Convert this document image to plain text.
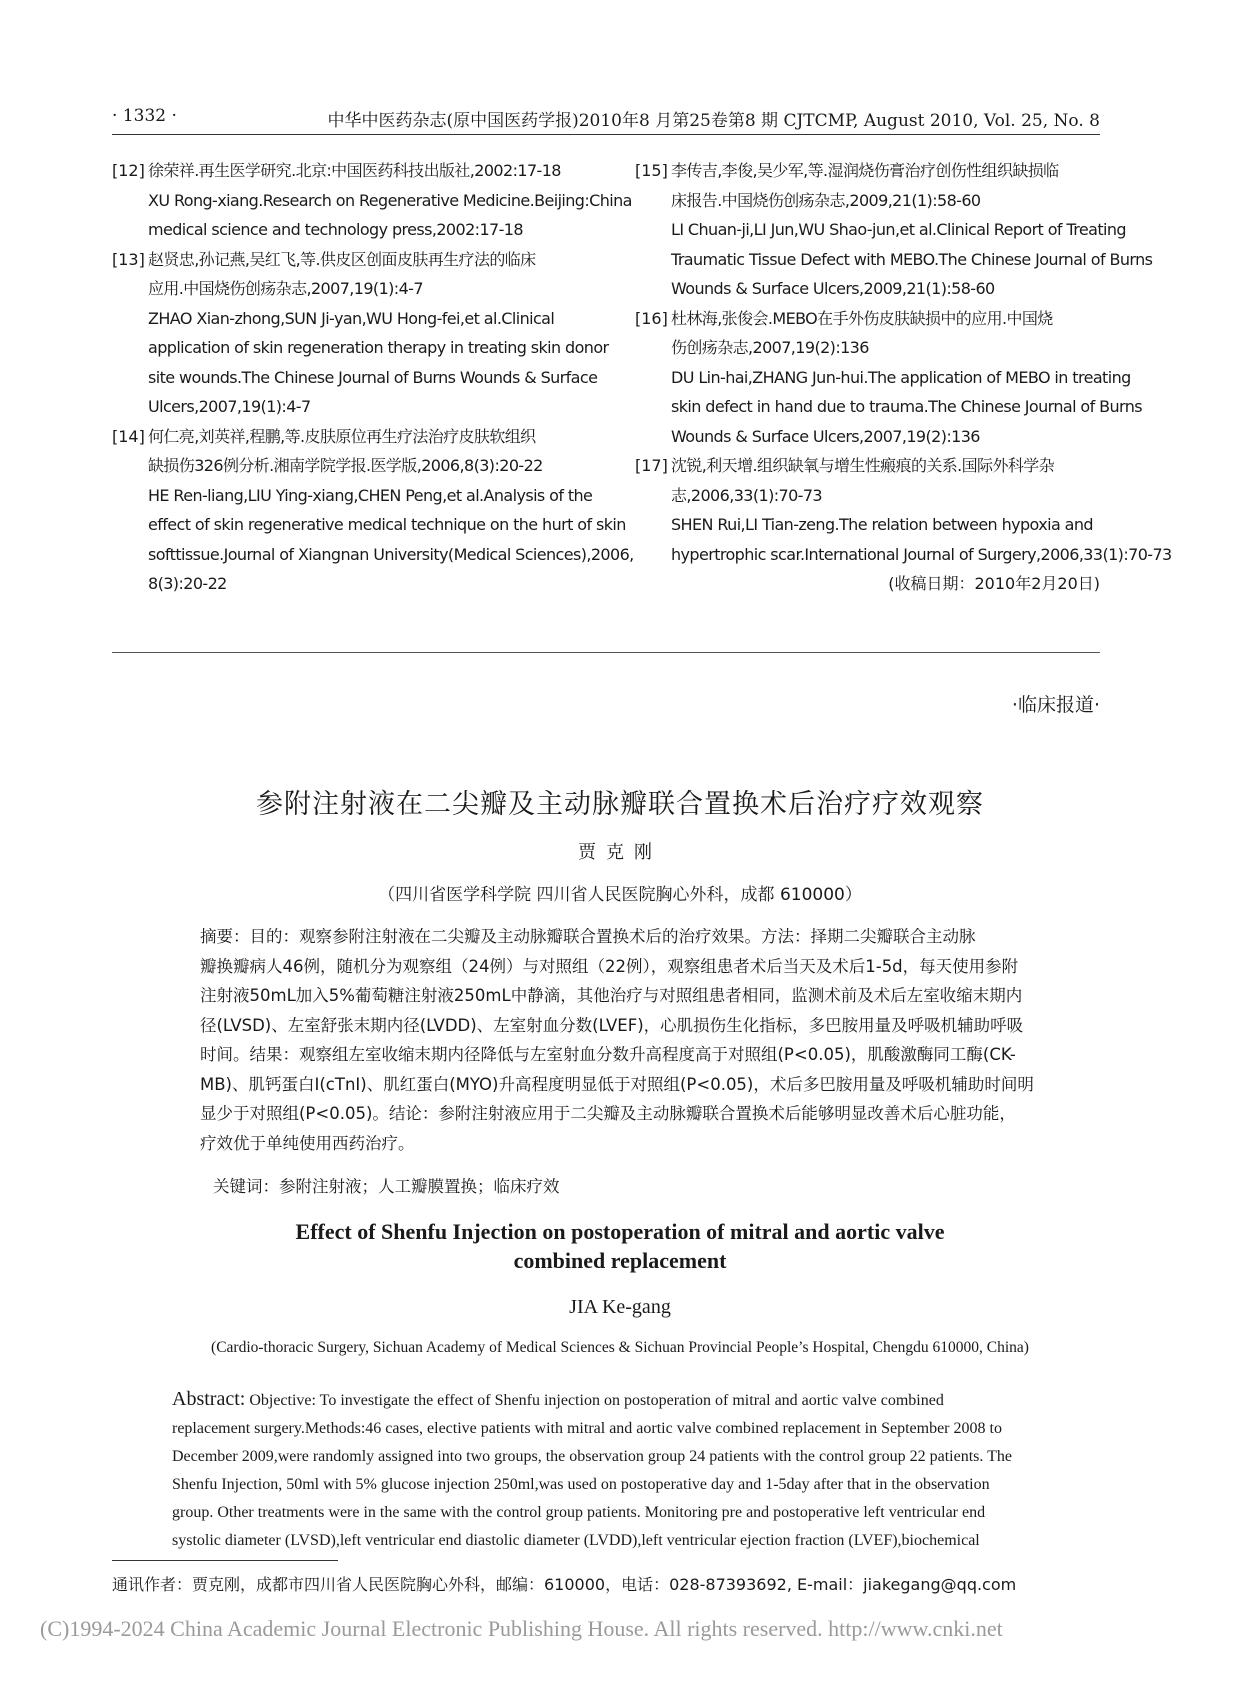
· 1332 ·	中华中医药杂志(原中国医药学报)2010年8 月第25卷第8 期 CJTCMP, August 2010, Vol. 25, No. 8
[12] 徐荣祥.再生医学研究.北京:中国医药科技出版社,2002:17-18
XU Rong-xiang.Research on Regenerative Medicine.Beijing:China
medical science and technology press,2002:17-18
[13] 赵贤忠,孙记燕,吴红飞,等.供皮区创面皮肤再生疗法的临床
应用.中国烧伤创疡杂志,2007,19(1):4-7
ZHAO Xian-zhong,SUN Ji-yan,WU Hong-fei,et al.Clinical
application of skin regeneration therapy in treating skin donor
site wounds.The Chinese Journal of Burns Wounds & Surface
Ulcers,2007,19(1):4-7
[14] 何仁亮,刘英祥,程鹏,等.皮肤原位再生疗法治疗皮肤软组织
缺损伤326例分析.湘南学院学报.医学版,2006,8(3):20-22
HE Ren-liang,LIU Ying-xiang,CHEN Peng,et al.Analysis of the
effect of skin regenerative medical technique on the hurt of skin
softtissue.Journal of Xiangnan University(Medical Sciences),2006,
8(3):20-22
[15] 李传吉,李俊,吴少军,等.湿润烧伤膏治疗创伤性组织缺损临
床报告.中国烧伤创疡杂志,2009,21(1):58-60
LI Chuan-ji,LI Jun,WU Shao-jun,et al.Clinical Report of Treating
Traumatic Tissue Defect with MEBO.The Chinese Journal of Burns
Wounds & Surface Ulcers,2009,21(1):58-60
[16] 杜林海,张俊会.MEBO在手外伤皮肤缺损中的应用.中国烧
伤创疡杂志,2007,19(2):136
DU Lin-hai,ZHANG Jun-hui.The application of MEBO in treating
skin defect in hand due to trauma.The Chinese Journal of Burns
Wounds & Surface Ulcers,2007,19(2):136
[17] 沈锐,利天增.组织缺氧与增生性瘢痕的关系.国际外科学杂
志,2006,33(1):70-73
SHEN Rui,LI Tian-zeng.The relation between hypoxia and
hypertrophic scar.International Journal of Surgery,2006,33(1):70-73
(收稿日期：2010年2月20日)
·临床报道·
参附注射液在二尖瓣及主动脉瓣联合置换术后治疗疗效观察
贾克刚
（四川省医学科学院 四川省人民医院胸心外科，成都 610000）
摘要：目的：观察参附注射液在二尖瓣及主动脉瓣联合置换术后的治疗效果。方法：择期二尖瓣联合主动脉
瓣换瓣病人46例，随机分为观察组（24例）与对照组（22例），观察组患者术后当天及术后1-5d，每天使用参附
注射液50mL加入5%葡萄糖注射液250mL中静滴，其他治疗与对照组患者相同，监测术前及术后左室收缩末期内
径(LVSD)、左室舒张末期内径(LVDD)、左室射血分数(LVEF)，心肌损伤生化指标，多巴胺用量及呼吸机辅助呼吸
时间。结果：观察组左室收缩末期内径降低与左室射血分数升高程度高于对照组(P<0.05)，肌酸激酶同工酶(CK-
MB)、肌钙蛋白I(cTnI)、肌红蛋白(MYO)升高程度明显低于对照组(P<0.05)，术后多巴胺用量及呼吸机辅助时间明
显少于对照组(P<0.05)。结论：参附注射液应用于二尖瓣及主动脉瓣联合置换术后能够明显改善术后心脏功能，
疗效优于单纯使用西药治疗。
关键词：参附注射液；人工瓣膜置换；临床疗效
Effect of Shenfu Injection on postoperation of mitral and aortic valve
combined replacement
JIA Ke-gang
(Cardio-thoracic Surgery, Sichuan Academy of Medical Sciences & Sichuan Provincial People’s Hospital, Chengdu 610000, China)
Abstract: Objective: To investigate the effect of Shenfu injection on postoperation of mitral and aortic valve combined
replacement surgery.Methods:46 cases, elective patients with mitral and aortic valve combined replacement in September 2008 to
December 2009,were randomly assigned into two groups, the observation group 24 patients with the control group 22 patients. The
Shenfu Injection, 50ml with 5% glucose injection 250ml,was used on postoperative day and 1-5day after that in the observation
group. Other treatments were in the same with the control group patients. Monitoring pre and postoperative left ventricular end
systolic diameter (LVSD),left ventricular end diastolic diameter (LVDD),left ventricular ejection fraction (LVEF),biochemical
通讯作者：贾克刚，成都市四川省人民医院胸心外科，邮编：610000，电话：028-87393692, E-mail：jiakegang@qq.com
(C)1994-2024 China Academic Journal Electronic Publishing House. All rights reserved. http://www.cnki.net
